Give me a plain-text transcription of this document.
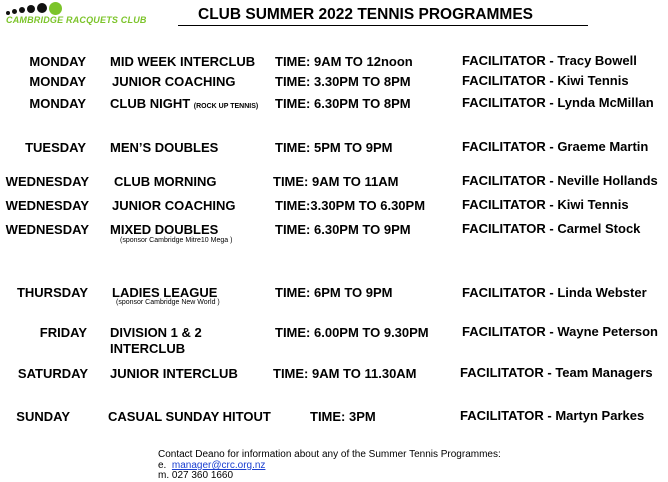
CAMBRIDGE RACQUETS CLUB	CLUB SUMMER 2022 TENNIS PROGRAMMES
MONDAY MID WEEK INTERCLUB TIME: 9AM TO 12noon	FACILITATOR - Tracy Bowell
MONDAY JUNIOR COACHING	TIME: 3.30PM TO 8PM	FACILITATOR - Kiwi Tennis
MONDAY CLUB NIGHT (ROCK UP TENNIS) TIME: 6.30PM TO 8PM	FACILITATOR - Lynda McMillan
TUESDAY MEN’S DOUBLES	TIME: 5PM TO 9PM	FACILITATOR - Graeme Martin
WEDNESDAY CLUB MORNING	TIME: 9AM TO 11AM	FACILITATOR - Neville Hollands
WEDNESDAY JUNIOR COACHING	TIME:3.30PM TO 6.30PM	FACILITATOR - Kiwi Tennis
WEDNESDAY MIXED DOUBLES
(sponsor Cambridge Mitre10 Mega )
TIME: 6.30PM TO 9PM	FACILITATOR - Carmel Stock
THURSDAY LADIES LEAGUE
(sponsor Cambridge New World )
TIME: 6PM TO 9PM	FACILITATOR - Linda Webster
FRIDAY DIVISION 1 & 2
INTERCLUB
TIME: 6.00PM TO 9.30PM	FACILITATOR - Wayne Peterson
SATURDAY JUNIOR INTERCLUB	TIME: 9AM TO 11.30AM	FACILITATOR - Team Managers
SUNDAY	CASUAL SUNDAY HITOUT	TIME: 3PM	FACILITATOR - Martyn Parkes
Contact Deano for information about any of the Summer Tennis Programmes:
e. manager@crc.org.nz
m. 027 360 1660
